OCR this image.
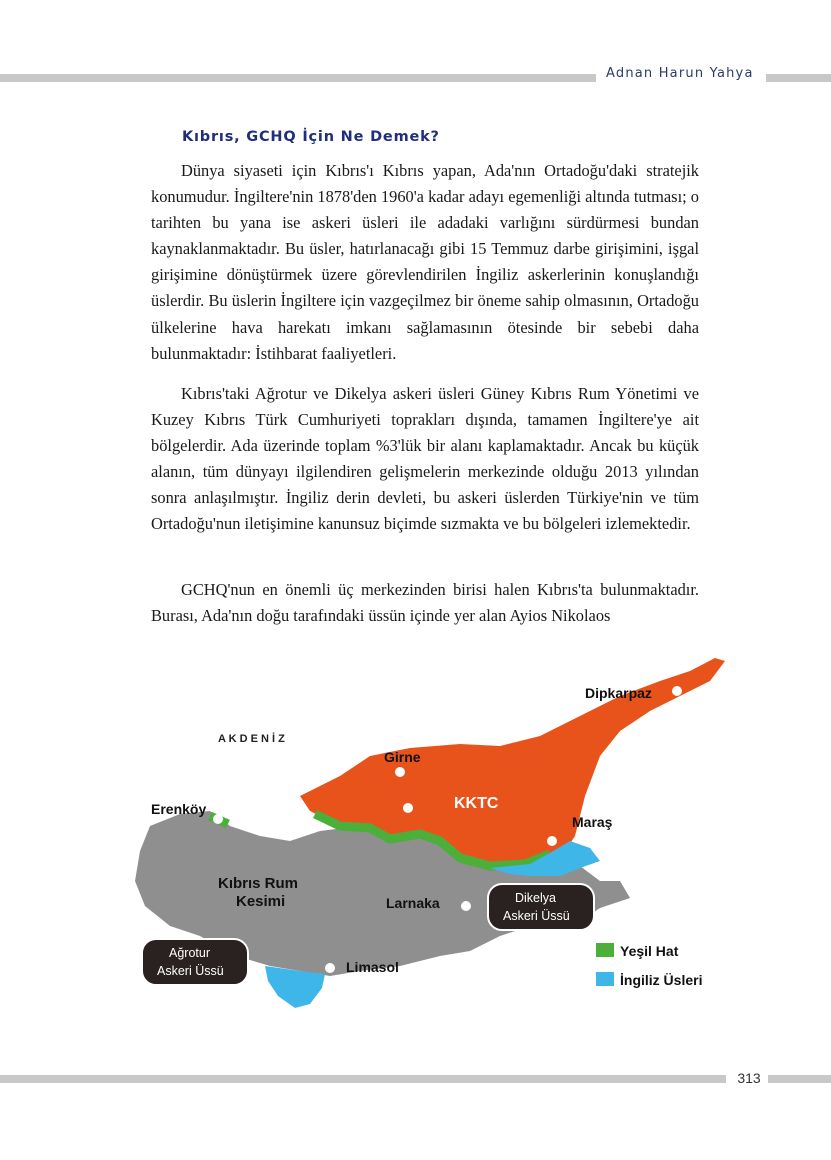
Adnan Harun Yahya
Kıbrıs, GCHQ İçin Ne Demek?

Dünya siyaseti için Kıbrıs'ı Kıbrıs yapan, Ada'nın Ortadoğu'daki stratejik konumudur. İngiltere'nin 1878'den 1960'a kadar adayı egemenliği altında tutması; o tarihten bu yana ise askeri üsleri ile adadaki varlığını sürdürmesi bundan kaynaklanmaktadır. Bu üsler, hatırlanacağı gibi 15 Temmuz darbe girişimini, işgal girişimine dönüştürmek üzere görevlendirilen İngiliz askerlerinin konuşlandığı üslerdir. Bu üslerin İngiltere için vazgeçilmez bir öneme sahip olmasının, Ortadoğu ülkelerine hava harekatı imkanı sağlamasının ötesinde bir sebebi daha bulunmaktadır: İstihbarat faaliyetleri.

Kıbrıs'taki Ağrotur ve Dikelya askeri üsleri Güney Kıbrıs Rum Yönetimi ve Kuzey Kıbrıs Türk Cumhuriyeti toprakları dışında, tamamen İngiltere'ye ait bölgelerdir. Ada üzerinde toplam %3'lük bir alanı kaplamaktadır. Ancak bu küçük alanın, tüm dünyayı ilgilendiren gelişmelerin merkezinde olduğu 2013 yılından sonra anlaşılmıştır. İngiliz derin devleti, bu askeri üslerden Türkiye'nin ve tüm Ortadoğu'nun iletişimine kanunsuz biçimde sızmakta ve bu bölgeleri izlemektedir.

GCHQ'nun en önemli üç merkezinden birisi halen Kıbrıs'ta bulunmaktadır. Burası, Ada'nın doğu tarafındaki üssün içinde yer alan Ayios Nikolaos

A K D E N İ Z
Dipkarpaz
Girne
Erenköy	KKTC
Maraş
Kıbrıs Rum
Kesimi	Larnaka
Limasol
Dikelya
Askeri Üssü
Ağrotur
Askeri Üssü
Yeşil Hat
İngiliz Üsleri
313
